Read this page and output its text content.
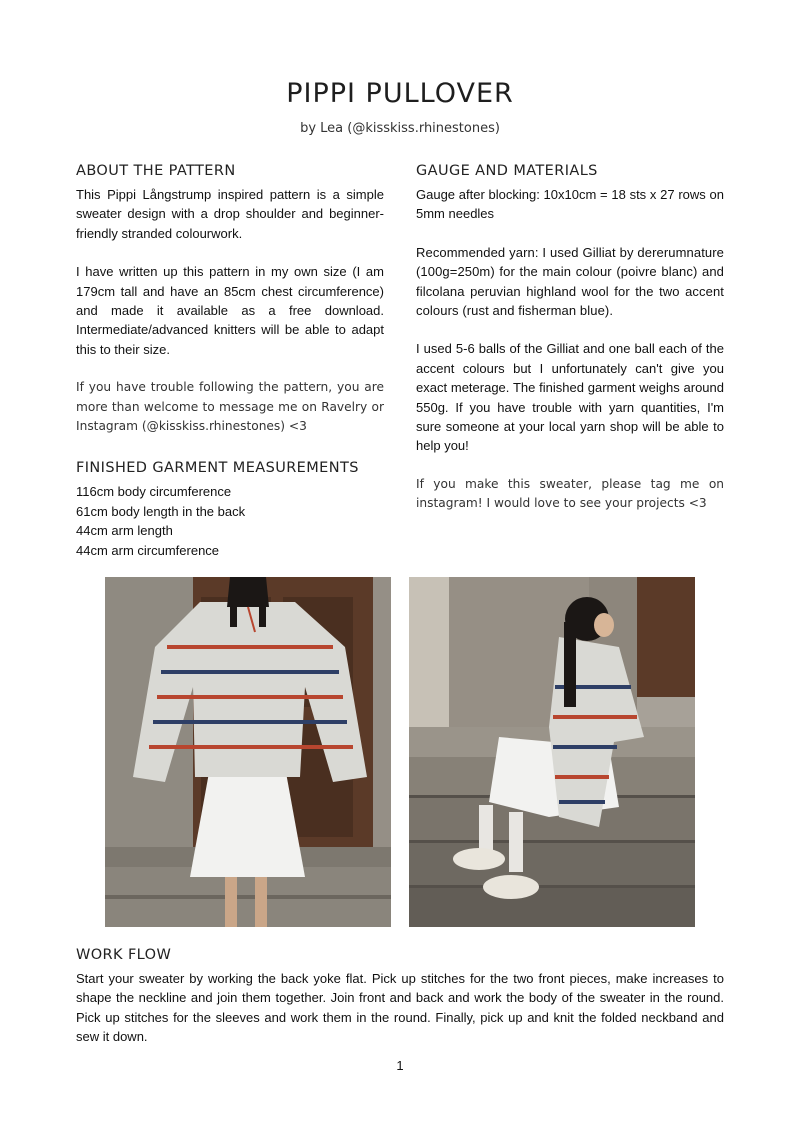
PIPPI PULLOVER
by Lea (@kisskiss.rhinestones)
ABOUT THE PATTERN

This Pippi Långstrump inspired pattern is a simple sweater design with a drop shoulder and beginner-friendly stranded colourwork.

I have written up this pattern in my own size (I am 179cm tall and have an 85cm chest circumference) and made it available as a free download. Intermediate/advanced knitters will be able to adapt this to their size.

If you have trouble following the pattern, you are more than welcome to message me on Ravelry or Instagram (@kisskiss.rhinestones) <3

FINISHED GARMENT MEASUREMENTS
116cm body circumference
61cm body length in the back
44cm arm length
44cm arm circumference
GAUGE AND MATERIALS

Gauge after blocking: 10x10cm = 18 sts x 27 rows on 5mm needles

Recommended yarn: I used Gilliat by dererumnature (100g=250m) for the main colour (poivre blanc) and filcolana peruvian highland wool for the two accent colours (rust and fisherman blue).

I used 5-6 balls of the Gilliat and one ball each of the accent colours but I unfortunately can't give you exact meterage. The finished garment weighs around 550g. If you have trouble with yarn quantities, I'm sure someone at your local yarn shop will be able to help you!

If you make this sweater, please tag me on instagram! I would love to see your projects <3

WORK FLOW

Start your sweater by working the back yoke flat. Pick up stitches for the two front pieces, make increases to shape the neckline and join them together. Join front and back and work the body of the sweater in the round. Pick up stitches for the sleeves and work them in the round. Finally, pick up and knit the folded neckband and sew it down.

1
